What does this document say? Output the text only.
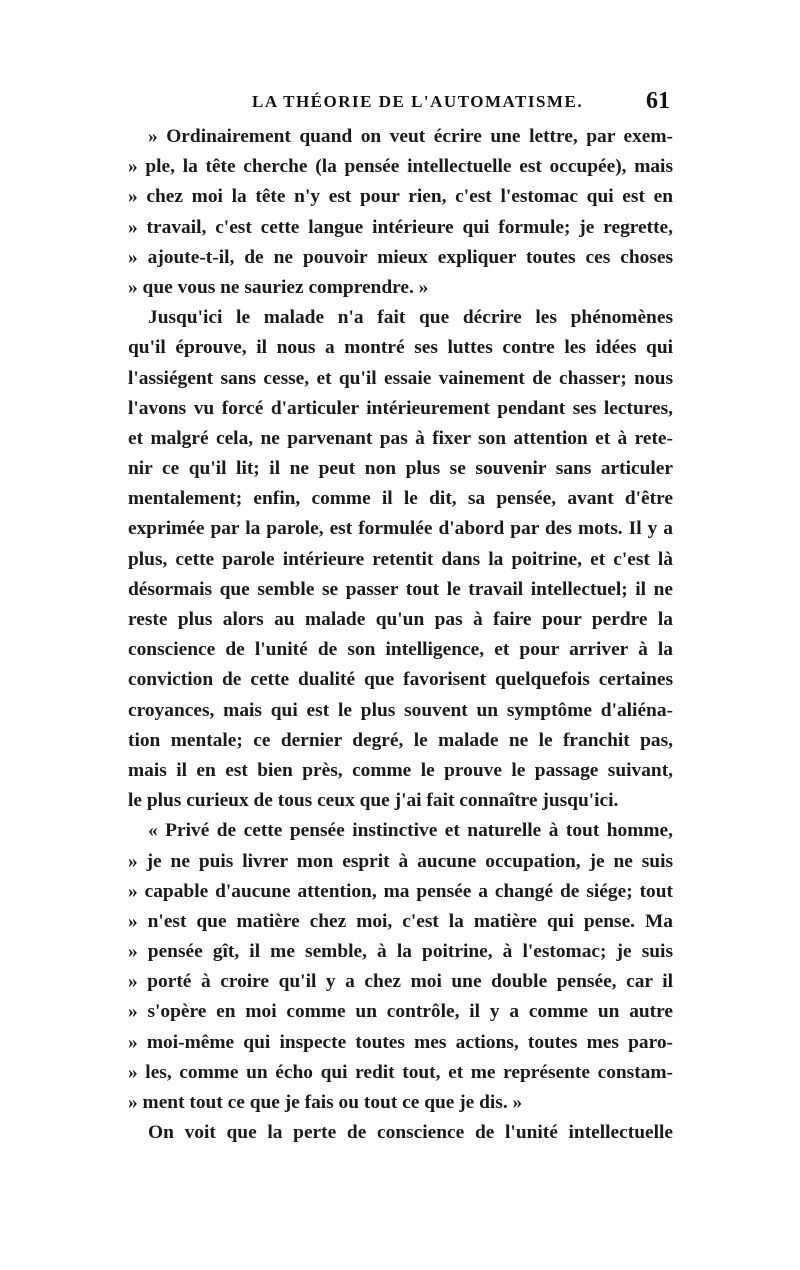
LA THÉORIE DE L'AUTOMATISME.	61
» Ordinairement quand on veut écrire une lettre, par exem-
» ple, la tête cherche (la pensée intellectuelle est occupée), mais
» chez moi la tête n'y est pour rien, c'est l'estomac qui est en
» travail, c'est cette langue intérieure qui formule; je regrette,
» ajoute-t-il, de ne pouvoir mieux expliquer toutes ces choses
» que vous ne sauriez comprendre. »
Jusqu'ici le malade n'a fait que décrire les phénomènes
qu'il éprouve, il nous a montré ses luttes contre les idées qui
l'assiégent sans cesse, et qu'il essaie vainement de chasser; nous
l'avons vu forcé d'articuler intérieurement pendant ses lectures,
et malgré cela, ne parvenant pas à fixer son attention et à rete-
nir ce qu'il lit; il ne peut non plus se souvenir sans articuler
mentalement; enfin, comme il le dit, sa pensée, avant d'être
exprimée par la parole, est formulée d'abord par des mots. Il y a
plus, cette parole intérieure retentit dans la poitrine, et c'est là
désormais que semble se passer tout le travail intellectuel; il ne
reste plus alors au malade qu'un pas à faire pour perdre la
conscience de l'unité de son intelligence, et pour arriver à la
conviction de cette dualité que favorisent quelquefois certaines
croyances, mais qui est le plus souvent un symptôme d'aliéna-
tion mentale; ce dernier degré, le malade ne le franchit pas,
mais il en est bien près, comme le prouve le passage suivant,
le plus curieux de tous ceux que j'ai fait connaître jusqu'ici.
« Privé de cette pensée instinctive et naturelle à tout homme,
» je ne puis livrer mon esprit à aucune occupation, je ne suis
» capable d'aucune attention, ma pensée a changé de siége; tout
» n'est que matière chez moi, c'est la matière qui pense. Ma
» pensée gît, il me semble, à la poitrine, à l'estomac; je suis
» porté à croire qu'il y a chez moi une double pensée, car il
» s'opère en moi comme un contrôle, il y a comme un autre
» moi-même qui inspecte toutes mes actions, toutes mes paro-
» les, comme un écho qui redit tout, et me représente constam-
» ment tout ce que je fais ou tout ce que je dis. »
On voit que la perte de conscience de l'unité intellectuelle
